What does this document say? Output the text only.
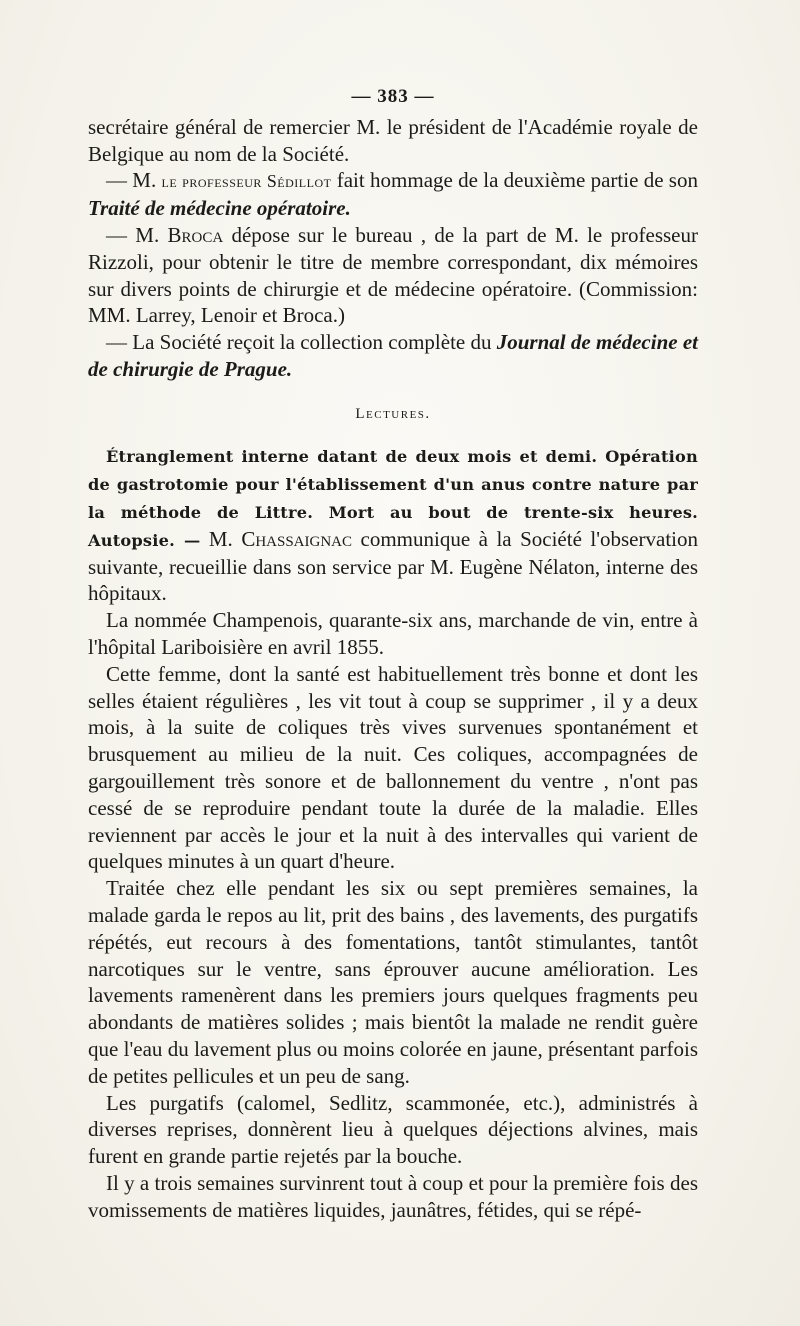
— 383 —

secrétaire général de remercier M. le président de l'Académie royale de Belgique au nom de la Société.

— M. le professeur Sédillot fait hommage de la deuxième partie de son Traité de médecine opératoire.

— M. Broca dépose sur le bureau , de la part de M. le professeur Rizzoli, pour obtenir le titre de membre correspondant, dix mémoires sur divers points de chirurgie et de médecine opératoire. (Commission: MM. Larrey, Lenoir et Broca.)

— La Société reçoit la collection complète du Journal de médecine et de chirurgie de Prague.

Lectures.

Étranglement interne datant de deux mois et demi. Opération de gastrotomie pour l'établissement d'un anus contre nature par la méthode de Littre. Mort au bout de trente-six heures. Autopsie. — M. Chassaignac communique à la Société l'observation suivante, recueillie dans son service par M. Eugène Nélaton, interne des hôpitaux.

La nommée Champenois, quarante-six ans, marchande de vin, entre à l'hôpital Lariboisière en avril 1855.

Cette femme, dont la santé est habituellement très bonne et dont les selles étaient régulières , les vit tout à coup se supprimer , il y a deux mois, à la suite de coliques très vives survenues spontanément et brusquement au milieu de la nuit. Ces coliques, accompagnées de gargouillement très sonore et de ballonnement du ventre , n'ont pas cessé de se reproduire pendant toute la durée de la maladie. Elles reviennent par accès le jour et la nuit à des intervalles qui varient de quelques minutes à un quart d'heure.

Traitée chez elle pendant les six ou sept premières semaines, la malade garda le repos au lit, prit des bains , des lavements, des purgatifs répétés, eut recours à des fomentations, tantôt stimulantes, tantôt narcotiques sur le ventre, sans éprouver aucune amélioration. Les lavements ramenèrent dans les premiers jours quelques fragments peu abondants de matières solides ; mais bientôt la malade ne rendit guère que l'eau du lavement plus ou moins colorée en jaune, présentant parfois de petites pellicules et un peu de sang.

Les purgatifs (calomel, Sedlitz, scammonée, etc.), administrés à diverses reprises, donnèrent lieu à quelques déjections alvines, mais furent en grande partie rejetés par la bouche.

Il y a trois semaines survinrent tout à coup et pour la première fois des vomissements de matières liquides, jaunâtres, fétides, qui se répé-
